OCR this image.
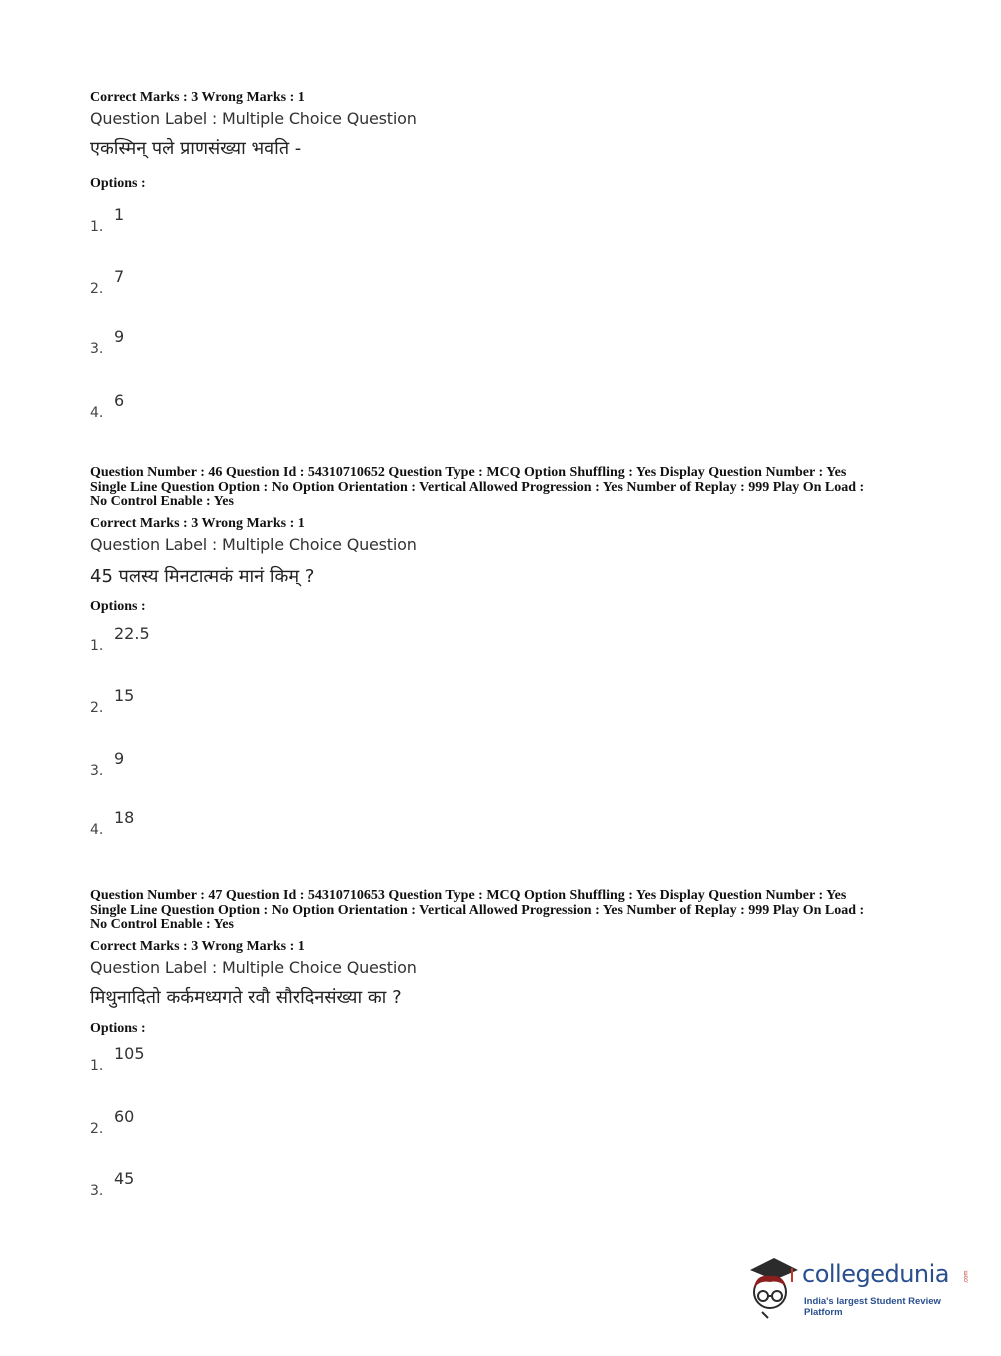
Correct Marks : 3 Wrong Marks : 1

Question Label : Multiple Choice Question

एकस्मिन् पले प्राणसंख्या भवति -

Options :
1.
1
2.
7
3.
9
4.
6

Question Number : 46 Question Id : 54310710652 Question Type : MCQ Option Shuffling : Yes Display Question Number : Yes

Single Line Question Option : No Option Orientation : Vertical Allowed Progression : Yes Number of Replay : 999 Play On Load :

No Control Enable : Yes

Correct Marks : 3 Wrong Marks : 1

Question Label : Multiple Choice Question

45 पलस्य मिनटात्मकं मानं किम् ?

Options :
1.
22.5
2.
15
3.
9
4.
18

Question Number : 47 Question Id : 54310710653 Question Type : MCQ Option Shuffling : Yes Display Question Number : Yes

Single Line Question Option : No Option Orientation : Vertical Allowed Progression : Yes Number of Replay : 999 Play On Load :

No Control Enable : Yes

Correct Marks : 3 Wrong Marks : 1

Question Label : Multiple Choice Question

मिथुनादितो कर्कमध्यगते रवौ सौरदिनसंख्या का ?

Options :
1.
105
2.
60
3.
45
collegedunia .com
India's largest Student Review Platform
